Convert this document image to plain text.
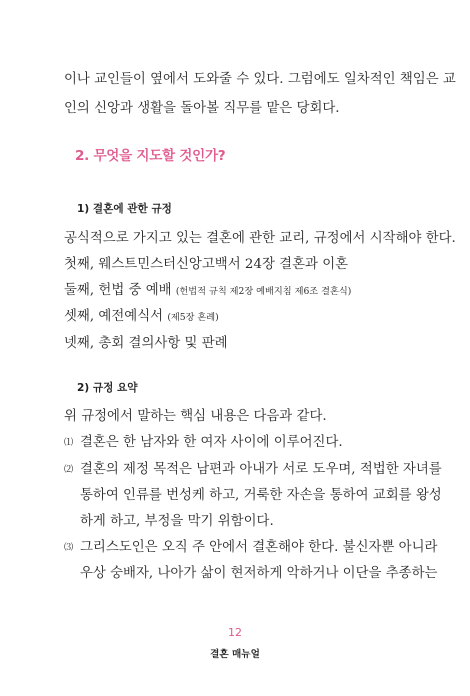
이나 교인들이 옆에서 도와줄 수 있다. 그럼에도 일차적인 책임은 교
인의 신앙과 생활을 돌아볼 직무를 맡은 당회다.
2. 무엇을 지도할 것인가?
1) 결혼에 관한 규정
공식적으로 가지고 있는 결혼에 관한 교리, 규정에서 시작해야 한다.
첫째, 웨스트민스터신앙고백서 24장 결혼과 이혼
둘째, 헌법 중 예배 (헌법적 규칙 제2장 예배지침 제6조 결혼식)
셋째, 예전예식서 (제5장 혼례)
넷째, 총회 결의사항 및 판례
2) 규정 요약
위 규정에서 말하는 핵심 내용은 다음과 같다.
⑴ 결혼은 한 남자와 한 여자 사이에 이루어진다.
⑵ 결혼의 제정 목적은 남편과 아내가 서로 도우며, 적법한 자녀를
통하여 인류를 번성케 하고, 거룩한 자손을 통하여 교회를 왕성
하게 하고, 부정을 막기 위함이다.
⑶ 그리스도인은 오직 주 안에서 결혼해야 한다. 불신자뿐 아니라
우상 숭배자, 나아가 삶이 현저하게 악하거나 이단을 추종하는
12
결혼 매뉴얼
